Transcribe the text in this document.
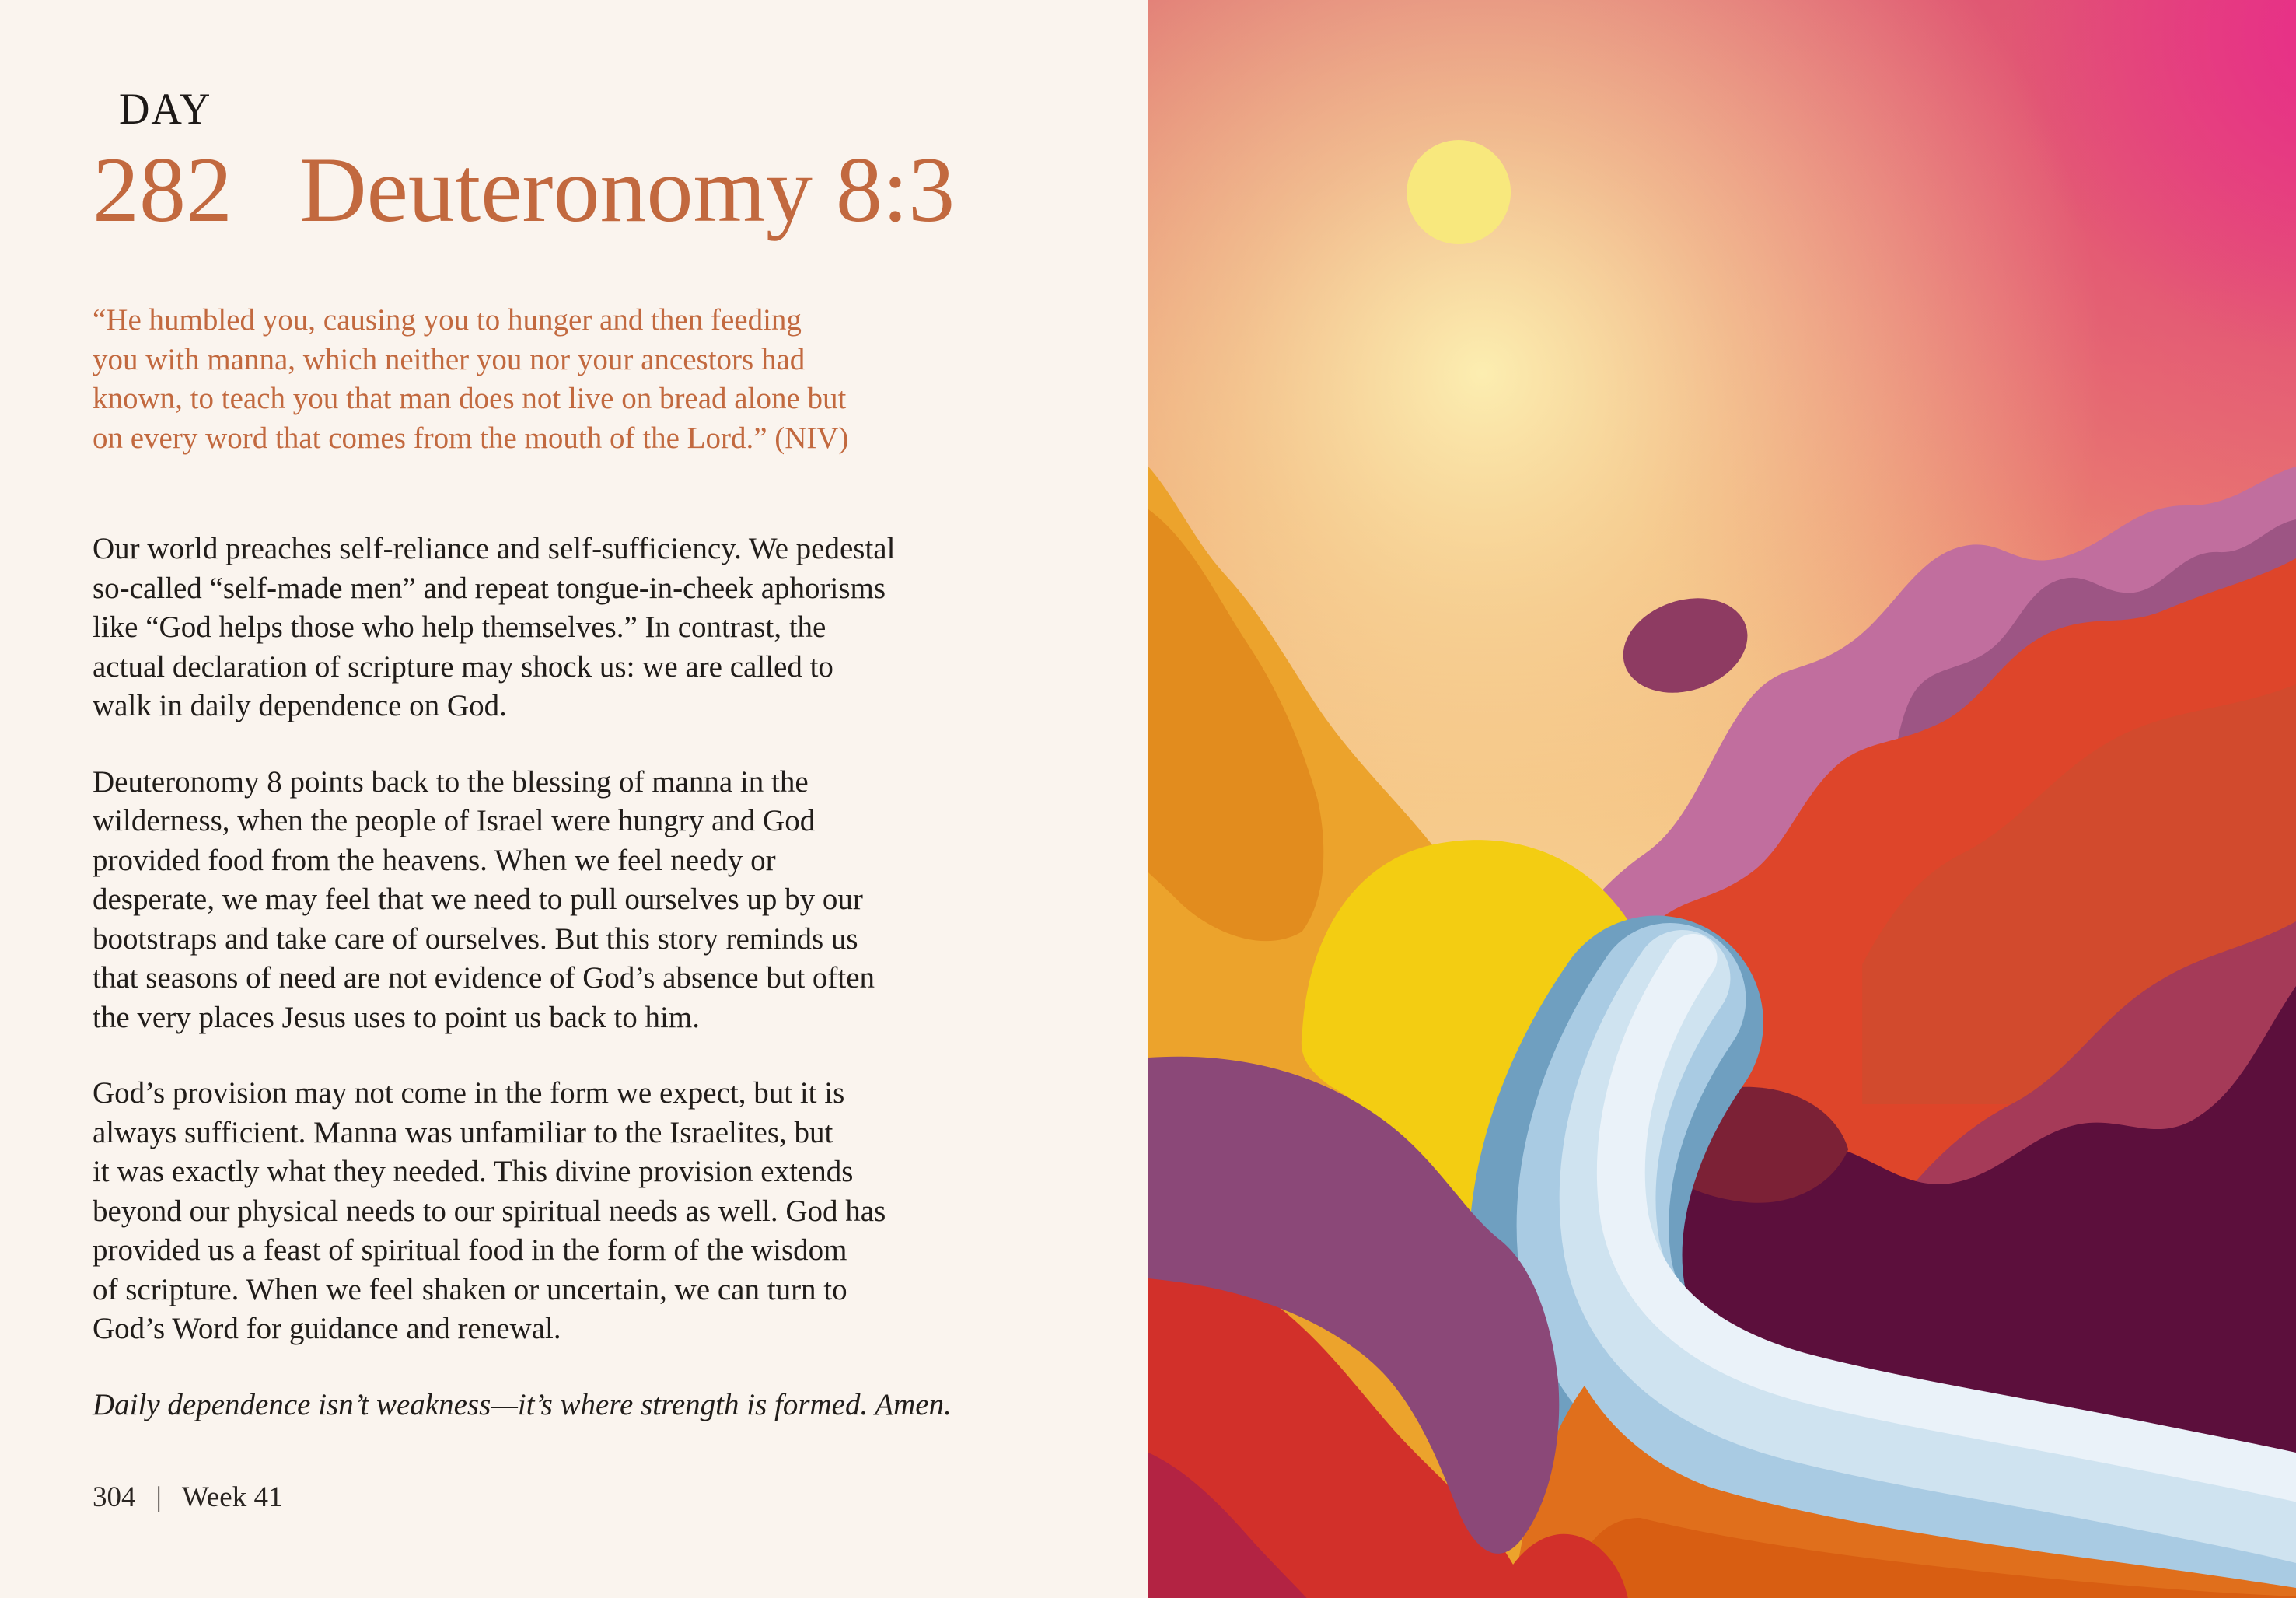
DAY
282 Deuteronomy 8:3
“He humbled you, causing you to hunger and then feeding
you with manna, which neither you nor your ancestors had
known, to teach you that man does not live on bread alone but
on every word that comes from the mouth of the Lord.” (NIV)
Our world preaches self-reliance and self-sufficiency. We pedestal
so-called “self-made men” and repeat tongue-in-cheek aphorisms
like “God helps those who help themselves.” In contrast, the
actual declaration of scripture may shock us: we are called to
walk in daily dependence on God.
Deuteronomy 8 points back to the blessing of manna in the
wilderness, when the people of Israel were hungry and God
provided food from the heavens. When we feel needy or
desperate, we may feel that we need to pull ourselves up by our
bootstraps and take care of ourselves. But this story reminds us
that seasons of need are not evidence of God’s absence but often
the very places Jesus uses to point us back to him.
God’s provision may not come in the form we expect, but it is
always sufficient. Manna was unfamiliar to the Israelites, but
it was exactly what they needed. This divine provision extends
beyond our physical needs to our spiritual needs as well. God has
provided us a feast of spiritual food in the form of the wisdom
of scripture. When we feel shaken or uncertain, we can turn to
God’s Word for guidance and renewal.
Daily dependence isn’t weakness—it’s where strength is formed. Amen.
304 | Week 41
